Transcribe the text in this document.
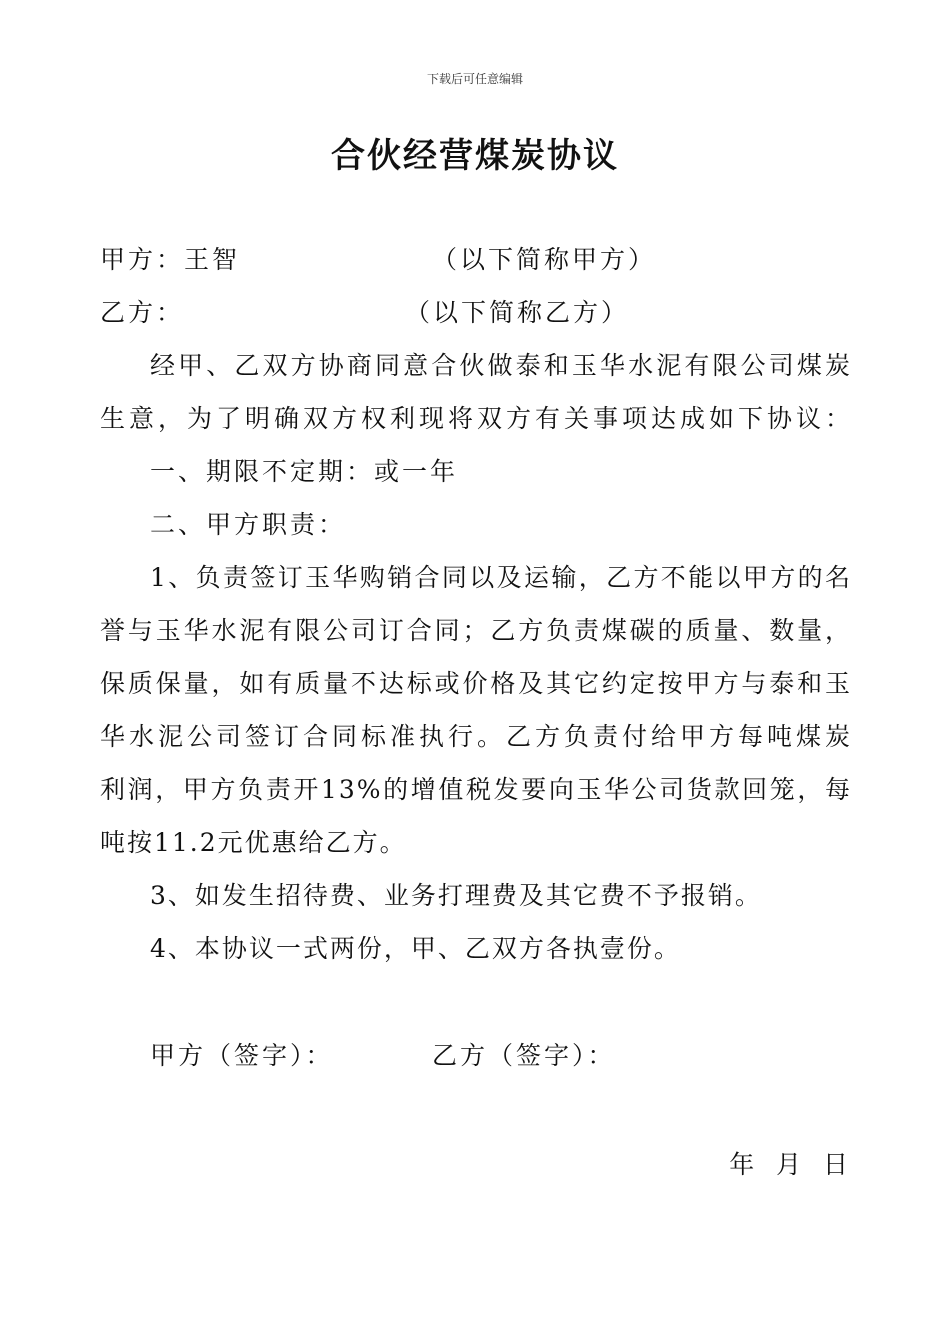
下载后可任意编辑
合伙经营煤炭协议
甲方：王智	（以下简称甲方）
乙方：	（以下简称乙方）
经甲、乙双方协商同意合伙做泰和玉华水泥有限公司煤炭
生意，为了明确双方权利现将双方有关事项达成如下协议：
一、期限不定期：或一年
二、甲方职责：
1、负责签订玉华购销合同以及运输，乙方不能以甲方的名
誉与玉华水泥有限公司订合同；乙方负责煤碳的质量、数量，
保质保量，如有质量不达标或价格及其它约定按甲方与泰和玉
华水泥公司签订合同标准执行。乙方负责付给甲方每吨煤炭
利润，甲方负责开13%的增值税发要向玉华公司货款回笼，每
吨按11.2元优惠给乙方。
3、如发生招待费、业务打理费及其它费不予报销。
4、本协议一式两份，甲、乙双方各执壹份。
甲方（签字）：	乙方（签字）：
年  月  日
